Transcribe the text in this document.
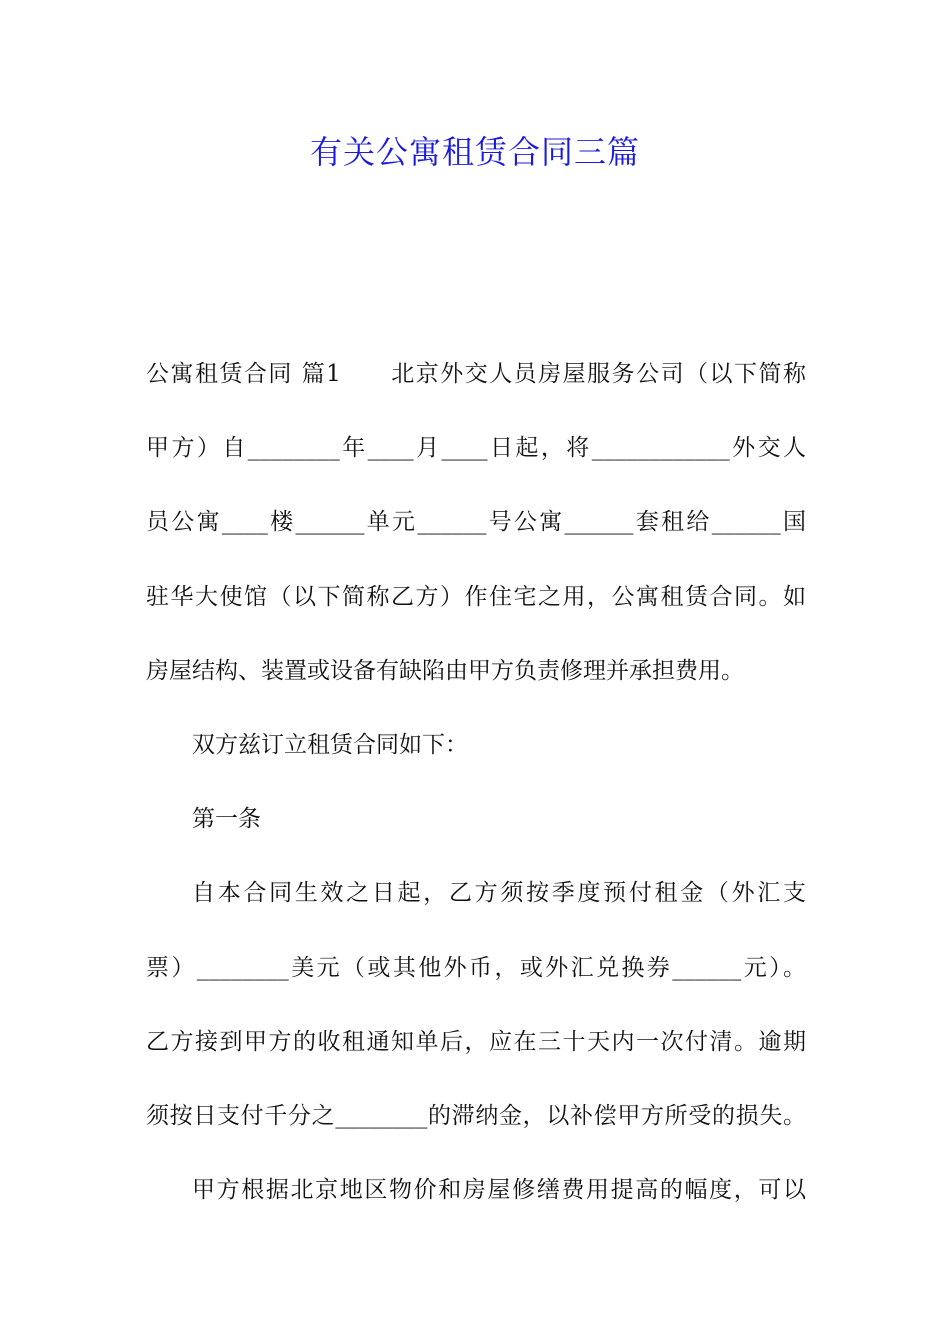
有关公寓租赁合同三篇
公寓租赁合同 篇1　　北京外交人员房屋服务公司（以下简称
甲方）自________年____月____日起，将____________外交人
员公寓____楼______单元______号公寓______套租给______国
驻华大使馆（以下简称乙方）作住宅之用，公寓租赁合同。如
房屋结构、装置或设备有缺陷由甲方负责修理并承担费用。
双方兹订立租赁合同如下：
第一条
自本合同生效之日起，乙方须按季度预付租金（外汇支
票）________美元（或其他外币，或外汇兑换券______元）。
乙方接到甲方的收租通知单后，应在三十天内一次付清。逾期
须按日支付千分之________的滞纳金，以补偿甲方所受的损失。
甲方根据北京地区物价和房屋修缮费用提高的幅度，可以
